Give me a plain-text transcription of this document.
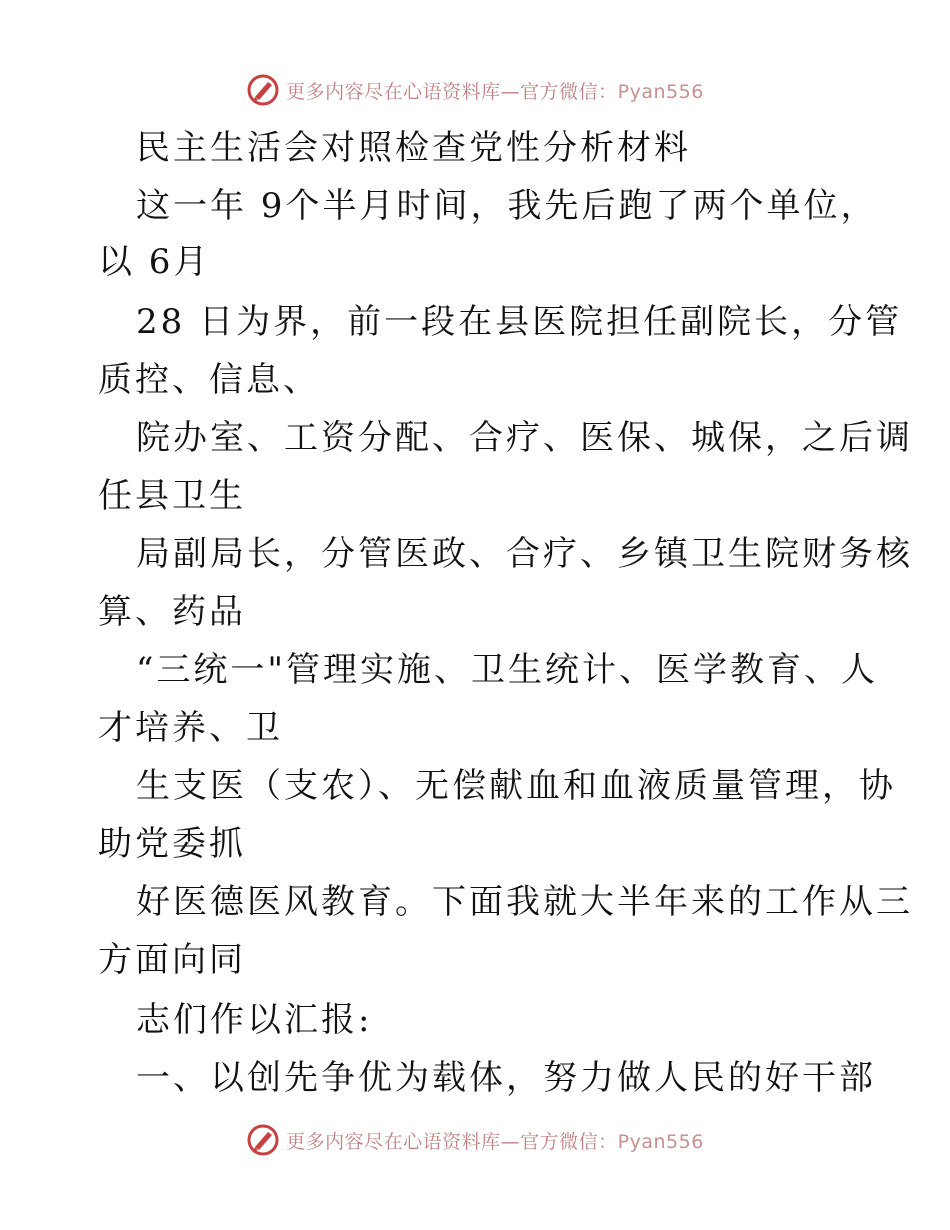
更多内容尽在心语资料库—官方微信：Pyan556
民主生活会对照检查党性分析材料
这一年 9个半月时间，我先后跑了两个单位，
以 6月
28 日为界，前一段在县医院担任副院长，分管
质控、信息、
院办室、工资分配、合疗、医保、城保，之后调
任县卫生
局副局长，分管医政、合疗、乡镇卫生院财务核
算、药品
“三统一"管理实施、卫生统计、医学教育、人
才培养、卫
生支医（支农）、无偿献血和血液质量管理，协
助党委抓
好医德医风教育。下面我就大半年来的工作从三
方面向同
志们作以汇报:
一、以创先争优为载体，努力做人民的好干部
更多内容尽在心语资料库—官方微信：Pyan556
